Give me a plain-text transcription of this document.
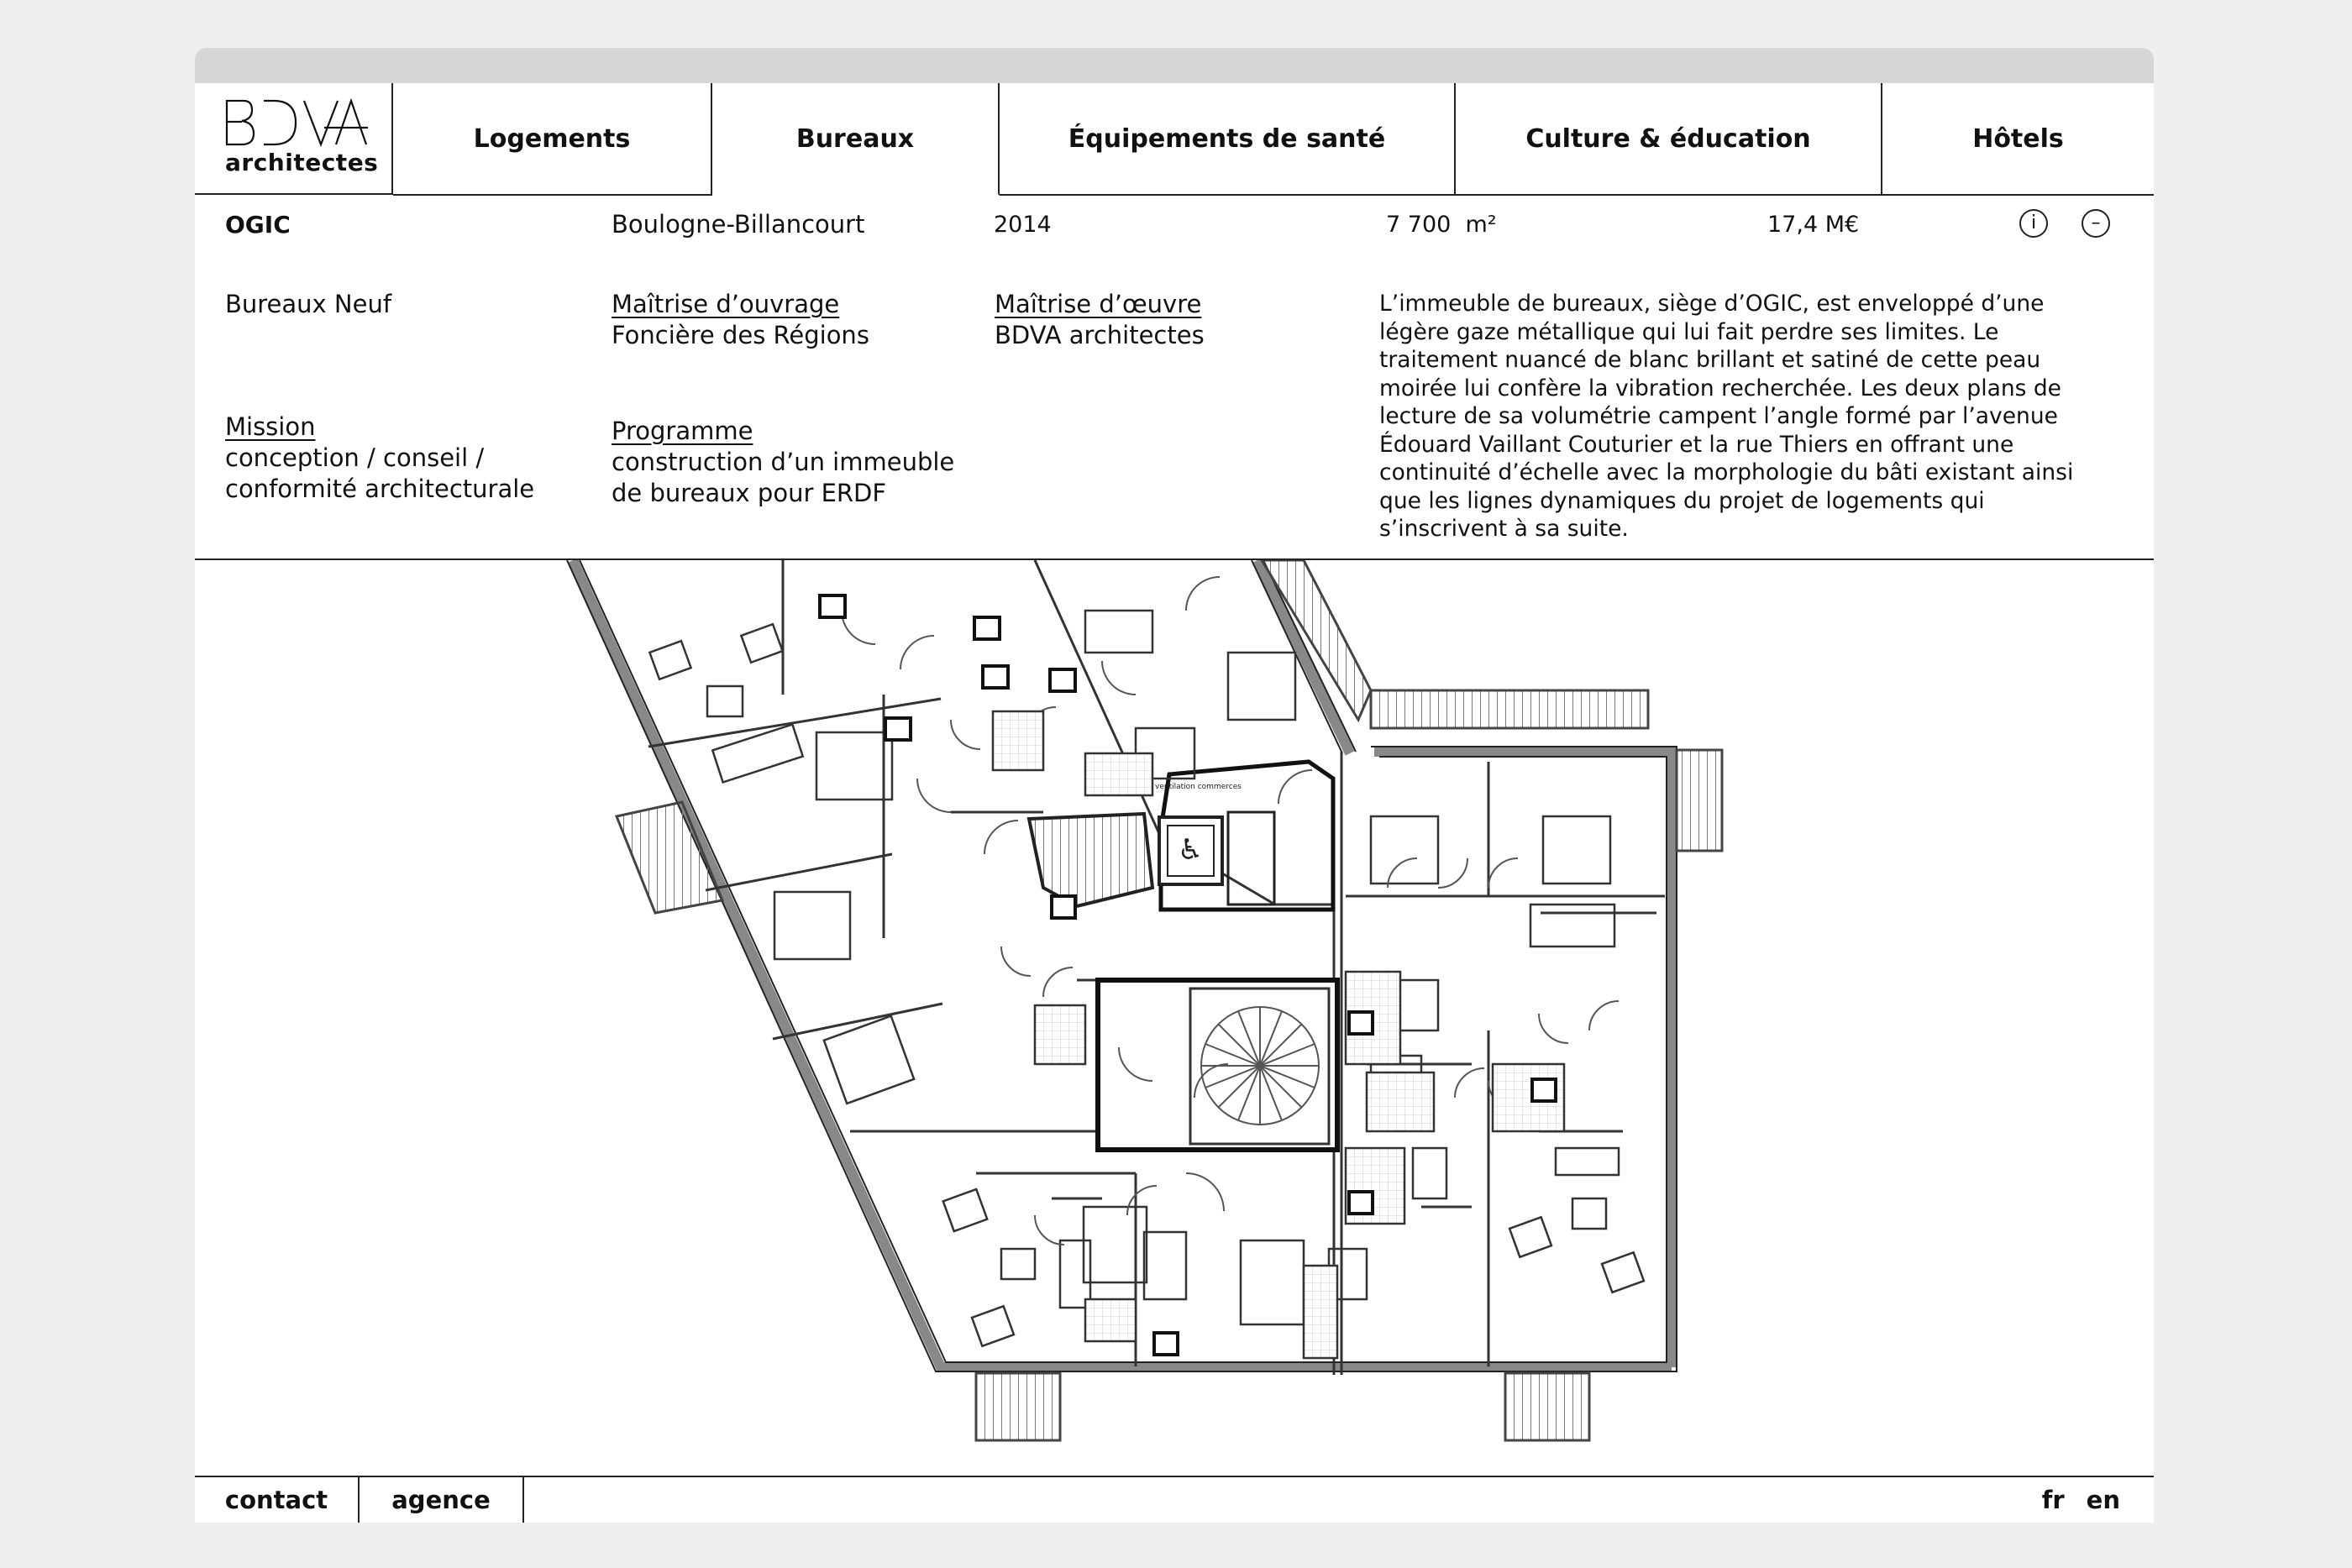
architectes
Logements	Bureaux	Équipements de santé	Culture & éducation	Hôtels
OGIC	Boulogne-Billancourt	2014	7 700  m²	17,4 M€	i	–
Bureaux Neuf	Maîtrise d’ouvrage
Foncière des Régions
Maîtrise d’œuvre
BDVA architectes
Mission
conception / conseil /
conformité architecturale
Programme
construction d’un immeuble
de bureaux pour ERDF
L’immeuble de bureaux, siège d’OGIC, est enveloppé d’une légère gaze métallique qui lui fait perdre ses limites. Le traitement nuancé de blanc brillant et satiné de cette peau moirée lui confère la vibration recherchée. Les deux plans de lecture de sa volumétrie campent l’angle formé par l’avenue Édouard Vaillant Couturier et la rue Thiers en offrant une continuité d’échelle avec la morphologie du bâti existant ainsi que les lignes dynamiques du projet de logements qui s’inscrivent à sa suite.
♿
ventilation commerces
contact	agence	fr en
